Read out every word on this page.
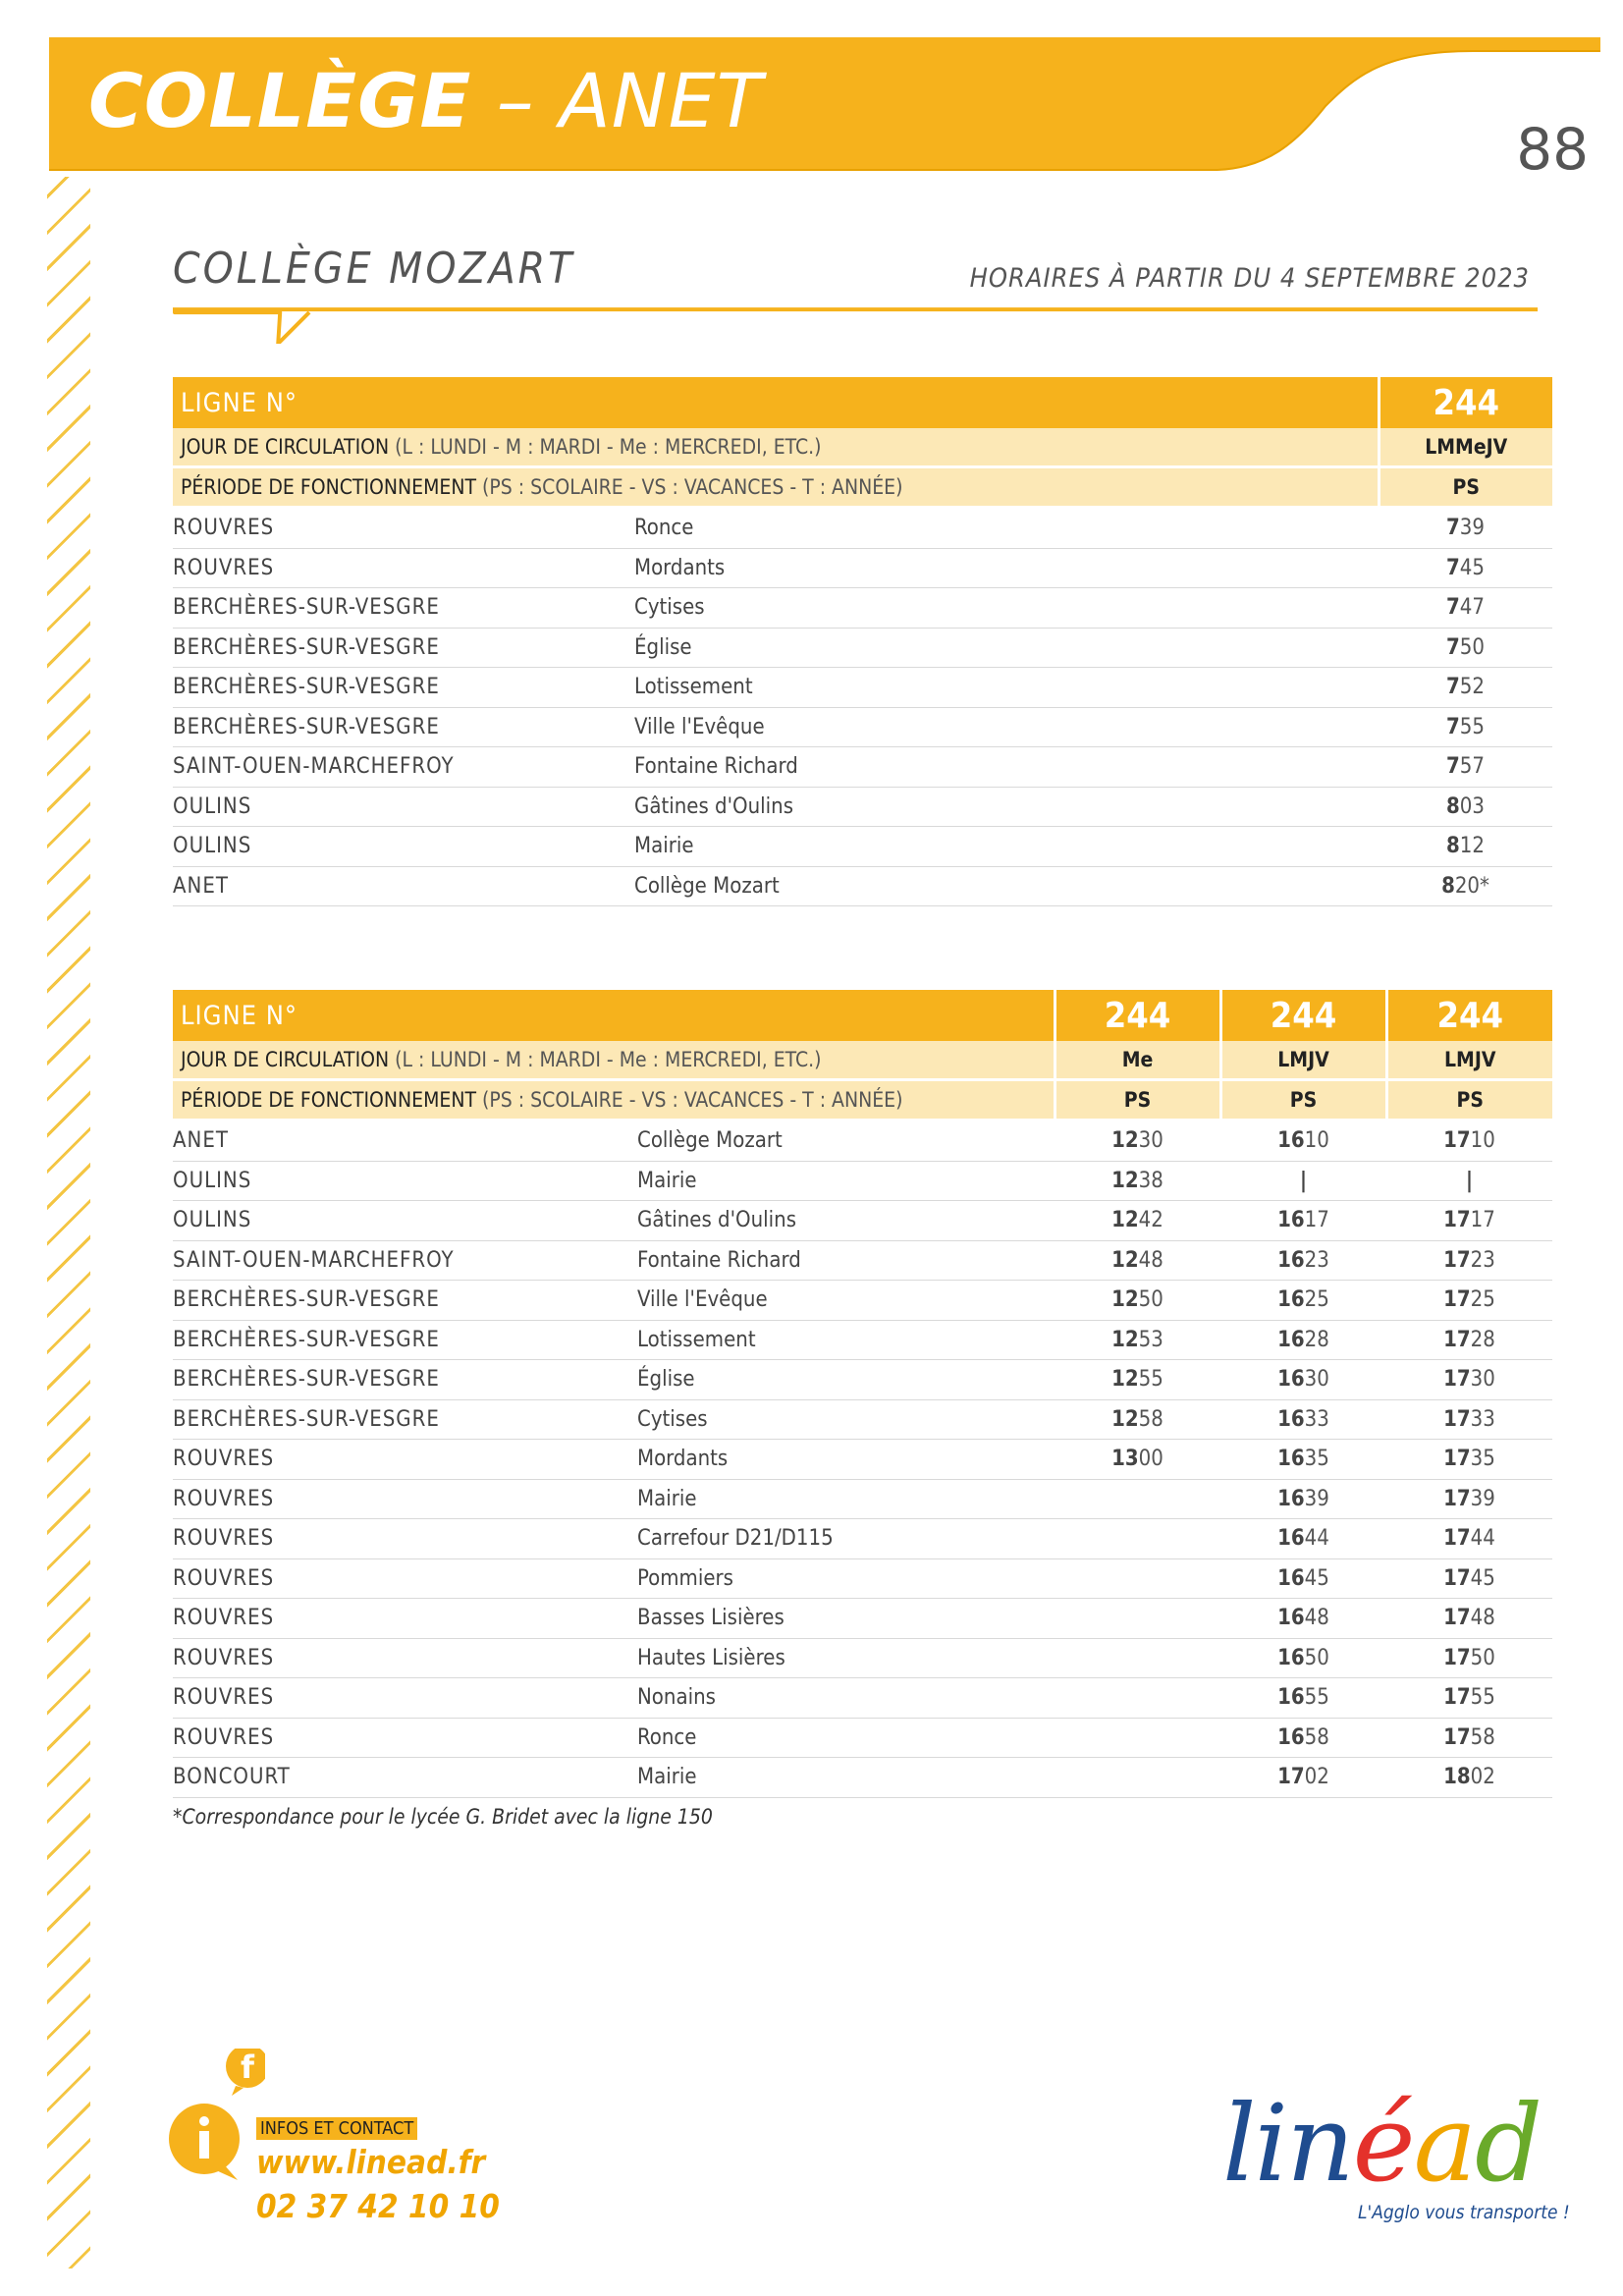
COLLÈGE – ANET
88
COLLÈGE MOZART	HORAIRES À PARTIR DU 4 SEPTEMBRE 2023
LIGNE N°		244
JOUR DE CIRCULATION (L : LUNDI - M : MARDI - Me : MERCREDI, ETC.)		LMMeJV
PÉRIODE DE FONCTIONNEMENT (PS : SCOLAIRE - VS : VACANCES - T : ANNÉE)		PS
ROUVRES	Ronce	739
ROUVRES	Mordants	745
BERCHÈRES-SUR-VESGRE	Cytises	747
BERCHÈRES-SUR-VESGRE	Église	750
BERCHÈRES-SUR-VESGRE	Lotissement	752
BERCHÈRES-SUR-VESGRE	Ville l'Evêque	755
SAINT-OUEN-MARCHEFROY	Fontaine Richard	757
OULINS	Gâtines d'Oulins	803
OULINS	Mairie	812
ANET	Collège Mozart	820*
LIGNE N°		244	244	244
JOUR DE CIRCULATION (L : LUNDI - M : MARDI - Me : MERCREDI, ETC.)		Me	LMJV	LMJV
PÉRIODE DE FONCTIONNEMENT (PS : SCOLAIRE - VS : VACANCES - T : ANNÉE)		PS	PS	PS
ANET	Collège Mozart	1230	1610	1710
OULINS	Mairie	1238	|	|
OULINS	Gâtines d'Oulins	1242	1617	1717
SAINT-OUEN-MARCHEFROY	Fontaine Richard	1248	1623	1723
BERCHÈRES-SUR-VESGRE	Ville l'Evêque	1250	1625	1725
BERCHÈRES-SUR-VESGRE	Lotissement	1253	1628	1728
BERCHÈRES-SUR-VESGRE	Église	1255	1630	1730
BERCHÈRES-SUR-VESGRE	Cytises	1258	1633	1733
ROUVRES	Mordants	1300	1635	1735
ROUVRES	Mairie		1639	1739
ROUVRES	Carrefour D21/D115		1644	1744
ROUVRES	Pommiers		1645	1745
ROUVRES	Basses Lisières		1648	1748
ROUVRES	Hautes Lisières		1650	1750
ROUVRES	Nonains		1655	1755
ROUVRES	Ronce		1658	1758
BONCOURT	Mairie		1702	1802
*Correspondance pour le lycée G. Bridet avec la ligne 150
f
INFOS ET CONTACT
www.linead.fr
02 37 42 10 10
linéad
L'Agglo vous transporte !
